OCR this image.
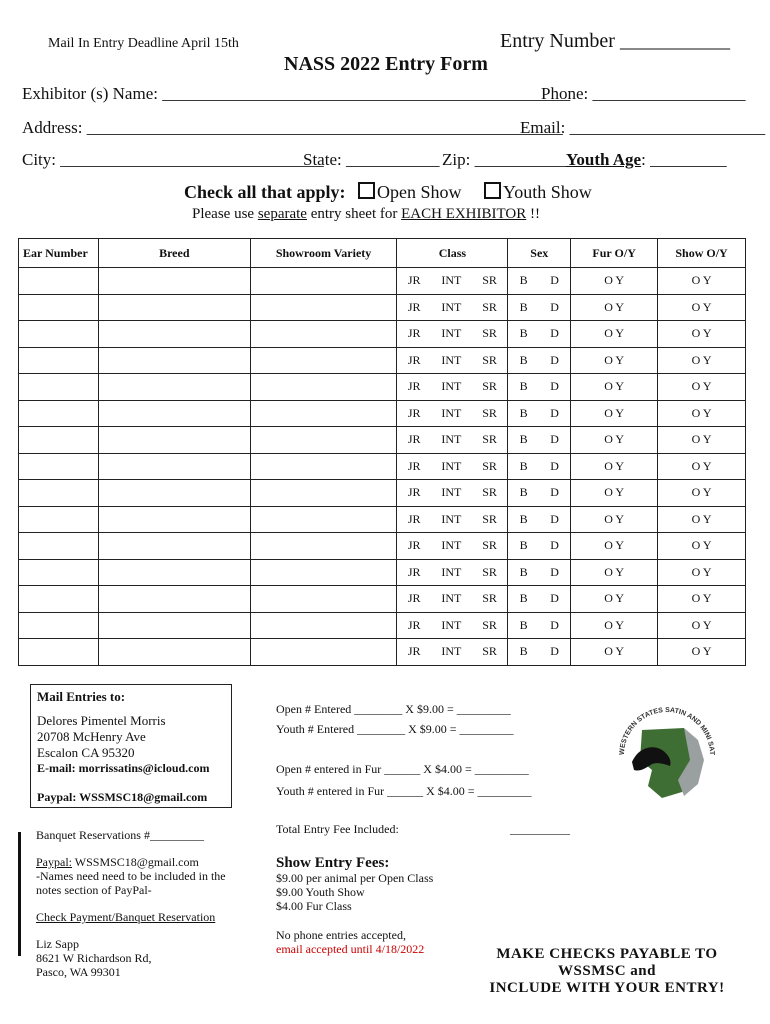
Mail In Entry Deadline April 15th	Entry Number ___________
NASS 2022 Entry Form
Exhibitor (s) Name: ________________________________________________
Phone: __________________
Address: ________________________________________________________
Email: _______________________
City: _______________________________
State: ___________ Zip: ___________
Youth Age: _________
Check all that apply: Open Show Youth Show
Please use separate entry sheet for EACH EXHIBITOR !!
Ear Number	Breed	Showroom Variety	Class	Sex	Fur O/Y	Show O/Y

			JR INT SR	B D	O Y	O Y

			JR INT SR	B D	O Y	O Y

			JR INT SR	B D	O Y	O Y

			JR INT SR	B D	O Y	O Y

			JR INT SR	B D	O Y	O Y

			JR INT SR	B D	O Y	O Y

			JR INT SR	B D	O Y	O Y

			JR INT SR	B D	O Y	O Y

			JR INT SR	B D	O Y	O Y

			JR INT SR	B D	O Y	O Y

			JR INT SR	B D	O Y	O Y

			JR INT SR	B D	O Y	O Y

			JR INT SR	B D	O Y	O Y

			JR INT SR	B D	O Y	O Y

			JR INT SR	B D	O Y	O Y
Mail Entries to:
Delores Pimentel Morris
20708 McHenry Ave
Escalon CA 95320
E-mail: morrissatins@icloud.com
Paypal: WSSMSC18@gmail.com
Open # Entered ________ X $9.00 = _________
Youth # Entered ________ X $9.00 = _________
Open # entered in Fur ______ X $4.00 = _________
Youth # entered in Fur ______ X $4.00 = _________
Total Entry Fee Included:	__________
Banquet Reservations #_________
Paypal: WSSMSC18@gmail.com
-Names need need to be included in the notes section of PayPal-
Check Payment/Banquet Reservation
Liz Sapp
8621 W Richardson Rd,
Pasco, WA 99301
Show Entry Fees:
$9.00 per animal per Open Class
$9.00 Youth Show
$4.00 Fur Class
No phone entries accepted,
email accepted until 4/18/2022
WESTERN STATES SATIN AND MINI SAT
MAKE CHECKS PAYABLE TO
WSSMSC and
INCLUDE WITH YOUR ENTRY!
